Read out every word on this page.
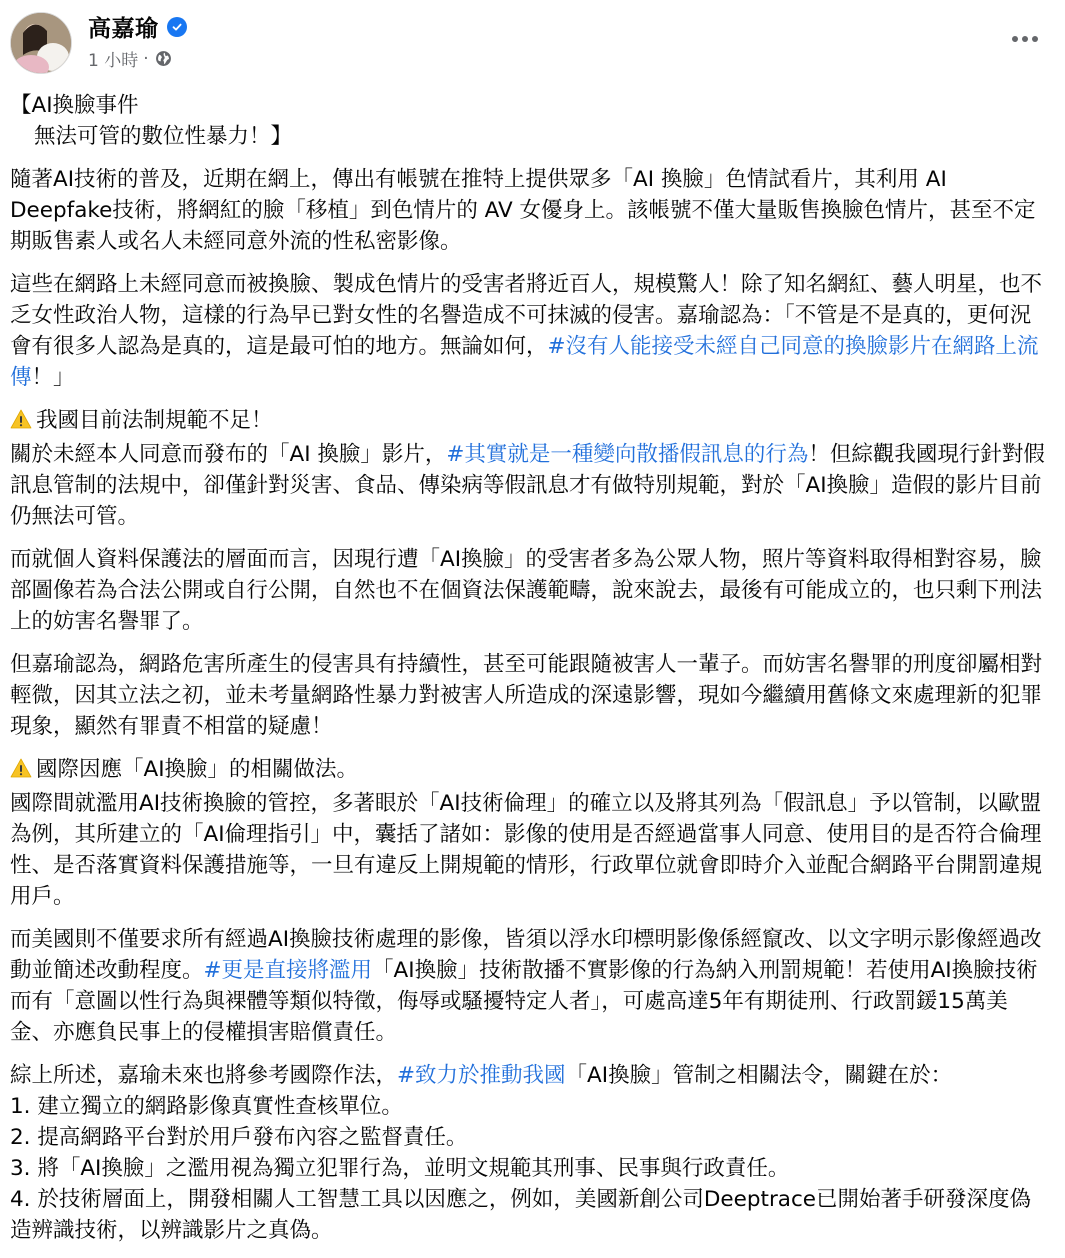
高嘉瑜
1 小時 ·

【AI換臉事件
無法可管的數位性暴力！】

隨著AI技術的普及，近期在網上，傳出有帳號在推特上提供眾多「AI 換臉」色情試看片，其利用 AI Deepfake技術，將網紅的臉「移植」到色情片的 AV 女優身上。該帳號不僅大量販售換臉色情片，甚至不定期販售素人或名人未經同意外流的性私密影像。

這些在網路上未經同意而被換臉、製成色情片的受害者將近百人，規模驚人！除了知名網紅、藝人明星，也不乏女性政治人物，這樣的行為早已對女性的名譽造成不可抹滅的侵害。嘉瑜認為：「不管是不是真的，更何況會有很多人認為是真的，這是最可怕的地方。無論如何，#沒有人能接受未經自己同意的換臉影片在網路上流傳！」

我國目前法制規範不足！
關於未經本人同意而發布的「AI 換臉」影片，#其實就是一種變向散播假訊息的行為！但綜觀我國現行針對假訊息管制的法規中，卻僅針對災害、食品、傳染病等假訊息才有做特別規範，對於「AI換臉」造假的影片目前仍無法可管。

而就個人資料保護法的層面而言，因現行遭「AI換臉」的受害者多為公眾人物，照片等資料取得相對容易，臉部圖像若為合法公開或自行公開，自然也不在個資法保護範疇，說來說去，最後有可能成立的，也只剩下刑法上的妨害名譽罪了。

但嘉瑜認為，網路危害所產生的侵害具有持續性，甚至可能跟隨被害人一輩子。而妨害名譽罪的刑度卻屬相對輕微，因其立法之初，並未考量網路性暴力對被害人所造成的深遠影響，現如今繼續用舊條文來處理新的犯罪現象，顯然有罪責不相當的疑慮！

國際因應「AI換臉」的相關做法。
國際間就濫用AI技術換臉的管控，多著眼於「AI技術倫理」的確立以及將其列為「假訊息」予以管制，以歐盟為例，其所建立的「AI倫理指引」中，囊括了諸如：影像的使用是否經過當事人同意、使用目的是否符合倫理性、是否落實資料保護措施等，一旦有違反上開規範的情形，行政單位就會即時介入並配合網路平台開罰違規用戶。

而美國則不僅要求所有經過AI換臉技術處理的影像，皆須以浮水印標明影像係經竄改、以文字明示影像經過改動並簡述改動程度。#更是直接將濫用「AI換臉」技術散播不實影像的行為納入刑罰規範！若使用AI換臉技術而有「意圖以性行為與裸體等類似特徵，侮辱或騷擾特定人者」，可處高達5年有期徒刑、行政罰鍰15萬美金、亦應負民事上的侵權損害賠償責任。

綜上所述，嘉瑜未來也將參考國際作法，#致力於推動我國「AI換臉」管制之相關法令，關鍵在於：
1. 建立獨立的網路影像真實性查核單位。
2. 提高網路平台對於用戶發布內容之監督責任。
3. 將「AI換臉」之濫用視為獨立犯罪行為，並明文規範其刑事、民事與行政責任。
4. 於技術層面上，開發相關人工智慧工具以因應之，例如，美國新創公司Deeptrace已開始著手研發深度偽造辨識技術，以辨識影片之真偽。
